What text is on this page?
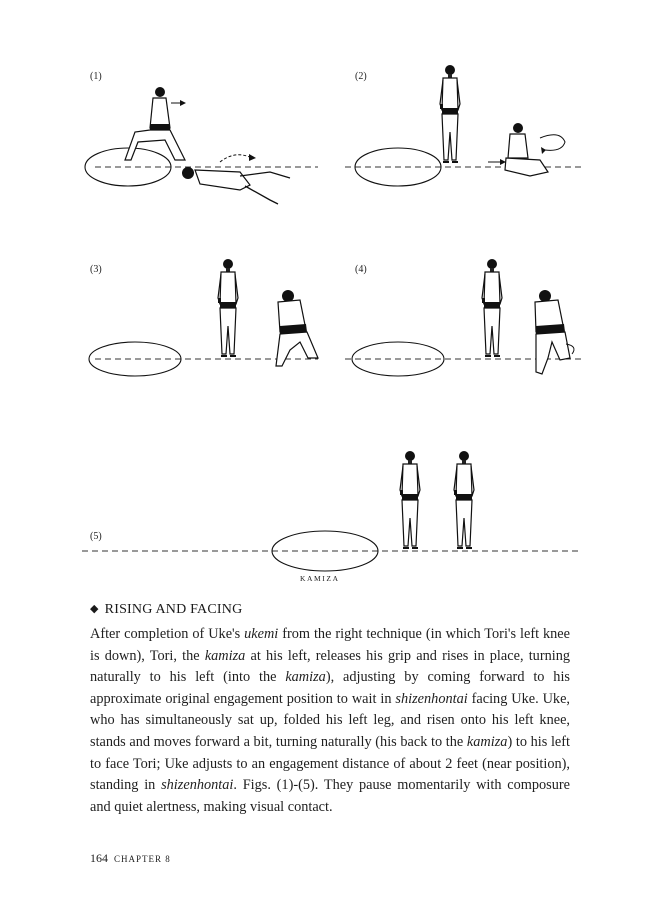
(1)	(2)
(3)	(4)
(5)
KAMIZA
◆ RISING AND FACING
After completion of Uke's ukemi from the right technique (in which Tori's left knee is down), Tori, the kamiza at his left, releases his grip and rises in place, turning naturally to his left (into the kamiza), adjusting by coming forward to his approximate original engagement position to wait in shizenhontai facing Uke. Uke, who has simultaneously sat up, folded his left leg, and risen onto his left knee, stands and moves forward a bit, turning naturally (his back to the kamiza) to his left to face Tori; Uke adjusts to an engagement distance of about 2 feet (near position), standing in shizenhontai. Figs. (1)-(5). They pause momentarily with composure and quiet alertness, making visual contact.
164 CHAPTER 8
